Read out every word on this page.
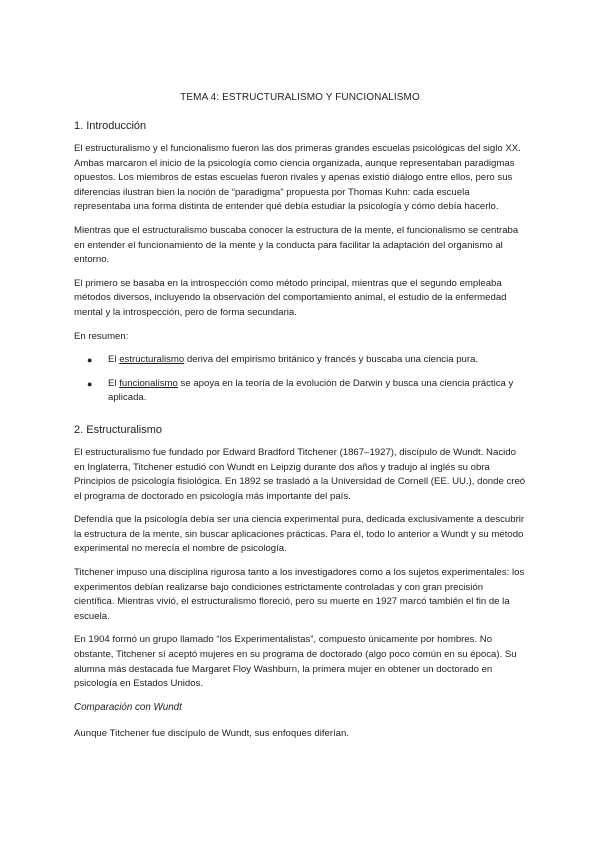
TEMA 4: ESTRUCTURALISMO Y FUNCIONALISMO
1. Introducción

El estructuralismo y el funcionalismo fueron las dos primeras grandes escuelas psicológicas del siglo XX. Ambas marcaron el inicio de la psicología como ciencia organizada, aunque representaban paradigmas opuestos. Los miembros de estas escuelas fueron rivales y apenas existió diálogo entre ellos, pero sus diferencias ilustran bien la noción de “paradigma” propuesta por Thomas Kuhn: cada escuela representaba una forma distinta de entender qué debía estudiar la psicología y cómo debía hacerlo.

Mientras que el estructuralismo buscaba conocer la estructura de la mente, el funcionalismo se centraba en entender el funcionamiento de la mente y la conducta para facilitar la adaptación del organismo al entorno.

El primero se basaba en la introspección como método principal, mientras que el segundo empleaba métodos diversos, incluyendo la observación del comportamiento animal, el estudio de la enfermedad mental y la introspección, pero de forma secundaria.

En resumen:

● El estructuralismo deriva del empirismo británico y francés y buscaba una ciencia pura.
● El funcionalismo se apoya en la teoría de la evolución de Darwin y busca una ciencia práctica y aplicada.
2. Estructuralismo

El estructuralismo fue fundado por Edward Bradford Titchener (1867–1927), discípulo de Wundt. Nacido en Inglaterra, Titchener estudió con Wundt en Leipzig durante dos años y tradujo al inglés su obra Principios de psicología fisiológica. En 1892 se trasladó a la Universidad de Cornell (EE. UU.), donde creó el programa de doctorado en psicología más importante del país.

Defendía que la psicología debía ser una ciencia experimental pura, dedicada exclusivamente a descubrir la estructura de la mente, sin buscar aplicaciones prácticas. Para él, todo lo anterior a Wundt y su método experimental no merecía el nombre de psicología.

Titchener impuso una disciplina rigurosa tanto a los investigadores como a los sujetos experimentales: los experimentos debían realizarse bajo condiciones estrictamente controladas y con gran precisión científica. Mientras vivió, el estructuralismo floreció, pero su muerte en 1927 marcó también el fin de la escuela.

En 1904 formó un grupo llamado “los Experimentalistas”, compuesto únicamente por hombres. No obstante, Titchener sí aceptó mujeres en su programa de doctorado (algo poco común en su época). Su alumna más destacada fue Margaret Floy Washburn, la primera mujer en obtener un doctorado en psicología en Estados Unidos.

Comparación con Wundt

Aunque Titchener fue discípulo de Wundt, sus enfoques diferían.
